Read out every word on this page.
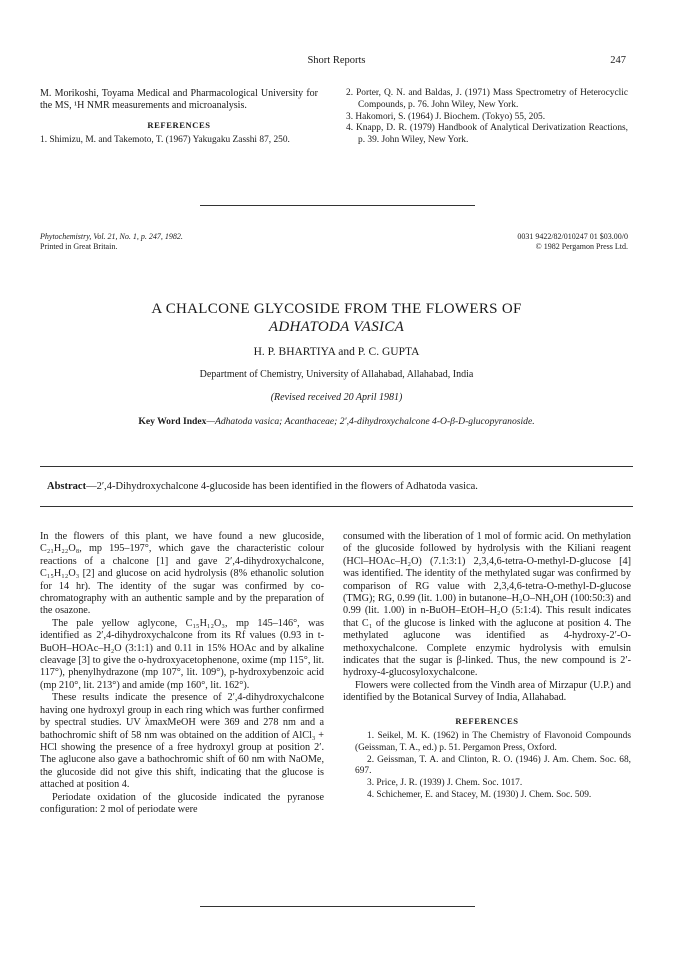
Short Reports	247

M. Morikoshi, Toyama Medical and Pharmacological University for the MS, ¹H NMR measurements and microanalysis.

REFERENCES

1. Shimizu, M. and Takemoto, T. (1967) Yakugaku Zasshi 87, 250.

2. Porter, Q. N. and Baldas, J. (1971) Mass Spectrometry of Heterocyclic Compounds, p. 76. John Wiley, New York.

3. Hakomori, S. (1964) J. Biochem. (Tokyo) 55, 205.

4. Knapp, D. R. (1979) Handbook of Analytical Derivatization Reactions, p. 39. John Wiley, New York.

Phytochemistry, Vol. 21, No. 1, p. 247, 1982.
Printed in Great Britain.
0031 9422/82/010247 01 $03.00/0
© 1982 Pergamon Press Ltd.
A CHALCONE GLYCOSIDE FROM THE FLOWERS OF
ADHATODA VASICA
H. P. BHARTIYA and P. C. GUPTA
Department of Chemistry, University of Allahabad, Allahabad, India
(Revised received 20 April 1981)
Key Word Index—Adhatoda vasica; Acanthaceae; 2′,4-dihydroxychalcone 4-O-β-D-glucopyranoside.
Abstract—2′,4-Dihydroxychalcone 4-glucoside has been identified in the flowers of Adhatoda vasica.

In the flowers of this plant, we have found a new glucoside, C₂₁H₂₂O₈, mp 195–197°, which gave the characteristic colour reactions of a chalcone [1] and gave 2′,4-dihydroxychalcone, C₁₅H₁₂O₃ [2] and glucose on acid hydrolysis (8% ethanolic solution for 14 hr). The identity of the sugar was confirmed by co-chromatography with an authentic sample and by the preparation of the osazone.

The pale yellow aglycone, C₁₅H₁₂O₃, mp 145–146°, was identified as 2′,4-dihydroxychalcone from its Rf values (0.93 in t-BuOH–HOAc–H₂O (3:1:1) and 0.11 in 15% HOAc and by alkaline cleavage [3] to give the o-hydroxyacetophenone, oxime (mp 115°, lit. 117°), phenylhydrazone (mp 107°, lit. 109°), p-hydroxybenzoic acid (mp 210°, lit. 213°) and amide (mp 160°, lit. 162°).

These results indicate the presence of 2′,4-dihydroxychalcone having one hydroxyl group in each ring which was further confirmed by spectral studies. UV λmaxMeOH were 369 and 278 nm and a bathochromic shift of 58 nm was obtained on the addition of AlCl₃ + HCl showing the presence of a free hydroxyl group at position 2′. The aglucone also gave a bathochromic shift of 60 nm with NaOMe, the glucoside did not give this shift, indicating that the glucose is attached at position 4.

Periodate oxidation of the glucoside indicated the pyranose configuration: 2 mol of periodate were

consumed with the liberation of 1 mol of formic acid. On methylation of the glucoside followed by hydrolysis with the Kiliani reagent (HCl–HOAc–H₂O) (7.1:3:1) 2,3,4,6-tetra-O-methyl-D-glucose [4] was identified. The identity of the methylated sugar was confirmed by comparison of RG value with 2,3,4,6-tetra-O-methyl-D-glucose (TMG); RG, 0.99 (lit. 1.00) in butanone–H₂O–NH₄OH (100:50:3) and 0.99 (lit. 1.00) in n-BuOH–EtOH–H₂O (5:1:4). This result indicates that C₁ of the glucose is linked with the aglucone at position 4. The methylated aglucone was identified as 4-hydroxy-2′-O-methoxychalcone. Complete enzymic hydrolysis with emulsin indicates that the sugar is β-linked. Thus, the new compound is 2′-hydroxy-4-glucosyloxychalcone.

Flowers were collected from the Vindh area of Mirzapur (U.P.) and identified by the Botanical Survey of India, Allahabad.

REFERENCES

1. Seikel, M. K. (1962) in The Chemistry of Flavonoid Compounds (Geissman, T. A., ed.) p. 51. Pergamon Press, Oxford.

2. Geissman, T. A. and Clinton, R. O. (1946) J. Am. Chem. Soc. 68, 697.

3. Price, J. R. (1939) J. Chem. Soc. 1017.

4. Schichemer, E. and Stacey, M. (1930) J. Chem. Soc. 509.
